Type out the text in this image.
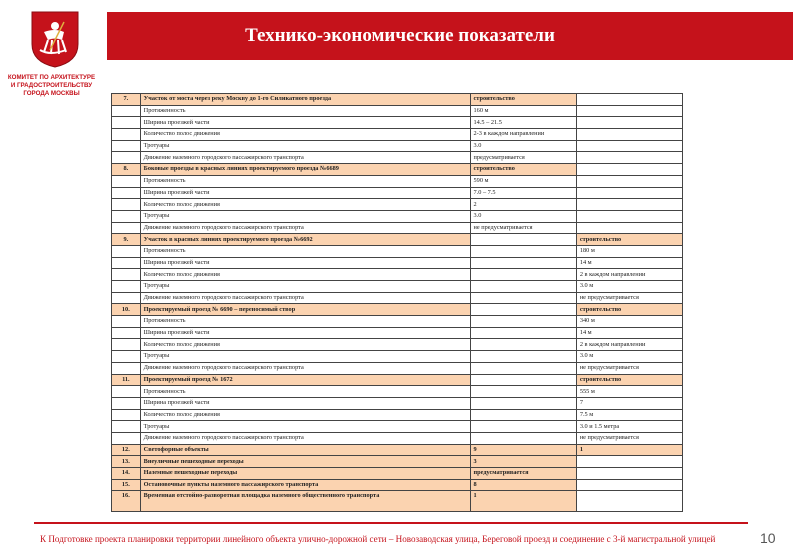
КОМИТЕТ ПО АРХИТЕКТУРЕ
И ГРАДОСТРОИТЕЛЬСТВУ
ГОРОДА МОСКВЫ
Технико-экономические показатели
7.	Участок от моста через реку Москву до 1-го Силикатного проезда	строительство	
	Протяженность	160 м	
	Ширина проезжей части	14.5 – 21.5	
	Количество полос движения	2-3 в каждом направлении	
	Тротуары	3.0	
	Движение наземного городского пассажирского транспорта	предусматривается	
8.	Боковые проезды в красных линиях проектируемого проезда №6689	строительство	
	Протяженность	590 м	
	Ширина проезжей части	7.0 – 7.5	
	Количество полос движения	2	
	Тротуары	3.0	
	Движение наземного городского пассажирского транспорта	не предусматривается	
9.	Участок в красных линиях проектируемого проезда №6692		строительство
	Протяженность		180 м
	Ширина проезжей части		14 м
	Количество полос движения		2 в каждом направлении
	Тротуары		3.0 м
	Движение наземного городского пассажирского транспорта		не предусматривается
10.	Проектируемый проезд № 6690 – переносимый створ		строительство
	Протяженность		340 м
	Ширина проезжей части		14 м
	Количество полос движения		2 в каждом направлении
	Тротуары		3.0 м
	Движение наземного городского пассажирского транспорта		не предусматривается
11.	Проектируемый проезд № 1672		строительство
	Протяженность		555 м
	Ширина проезжей части		7
	Количество полос движения		7.5 м
	Тротуары		3.0 и 1.5 метра
	Движение наземного городского пассажирского транспорта		не предусматривается
12.	Светофорные объекты	9	1
13.	Внеуличные пешеходные переходы	3	
14.	Наземные пешеходные переходы	предусматривается	
15.	Остановочные пункты наземного пассажирского транспорта	8	
16.	Временная отстойно-разворотная площадка наземного общественного транспорта	1	
К Подготовке проекта планировки территории линейного объекта улично-дорожной сети – Новозаводская улица, Береговой проезд и соединение с 3-й магистральной улицей	10
